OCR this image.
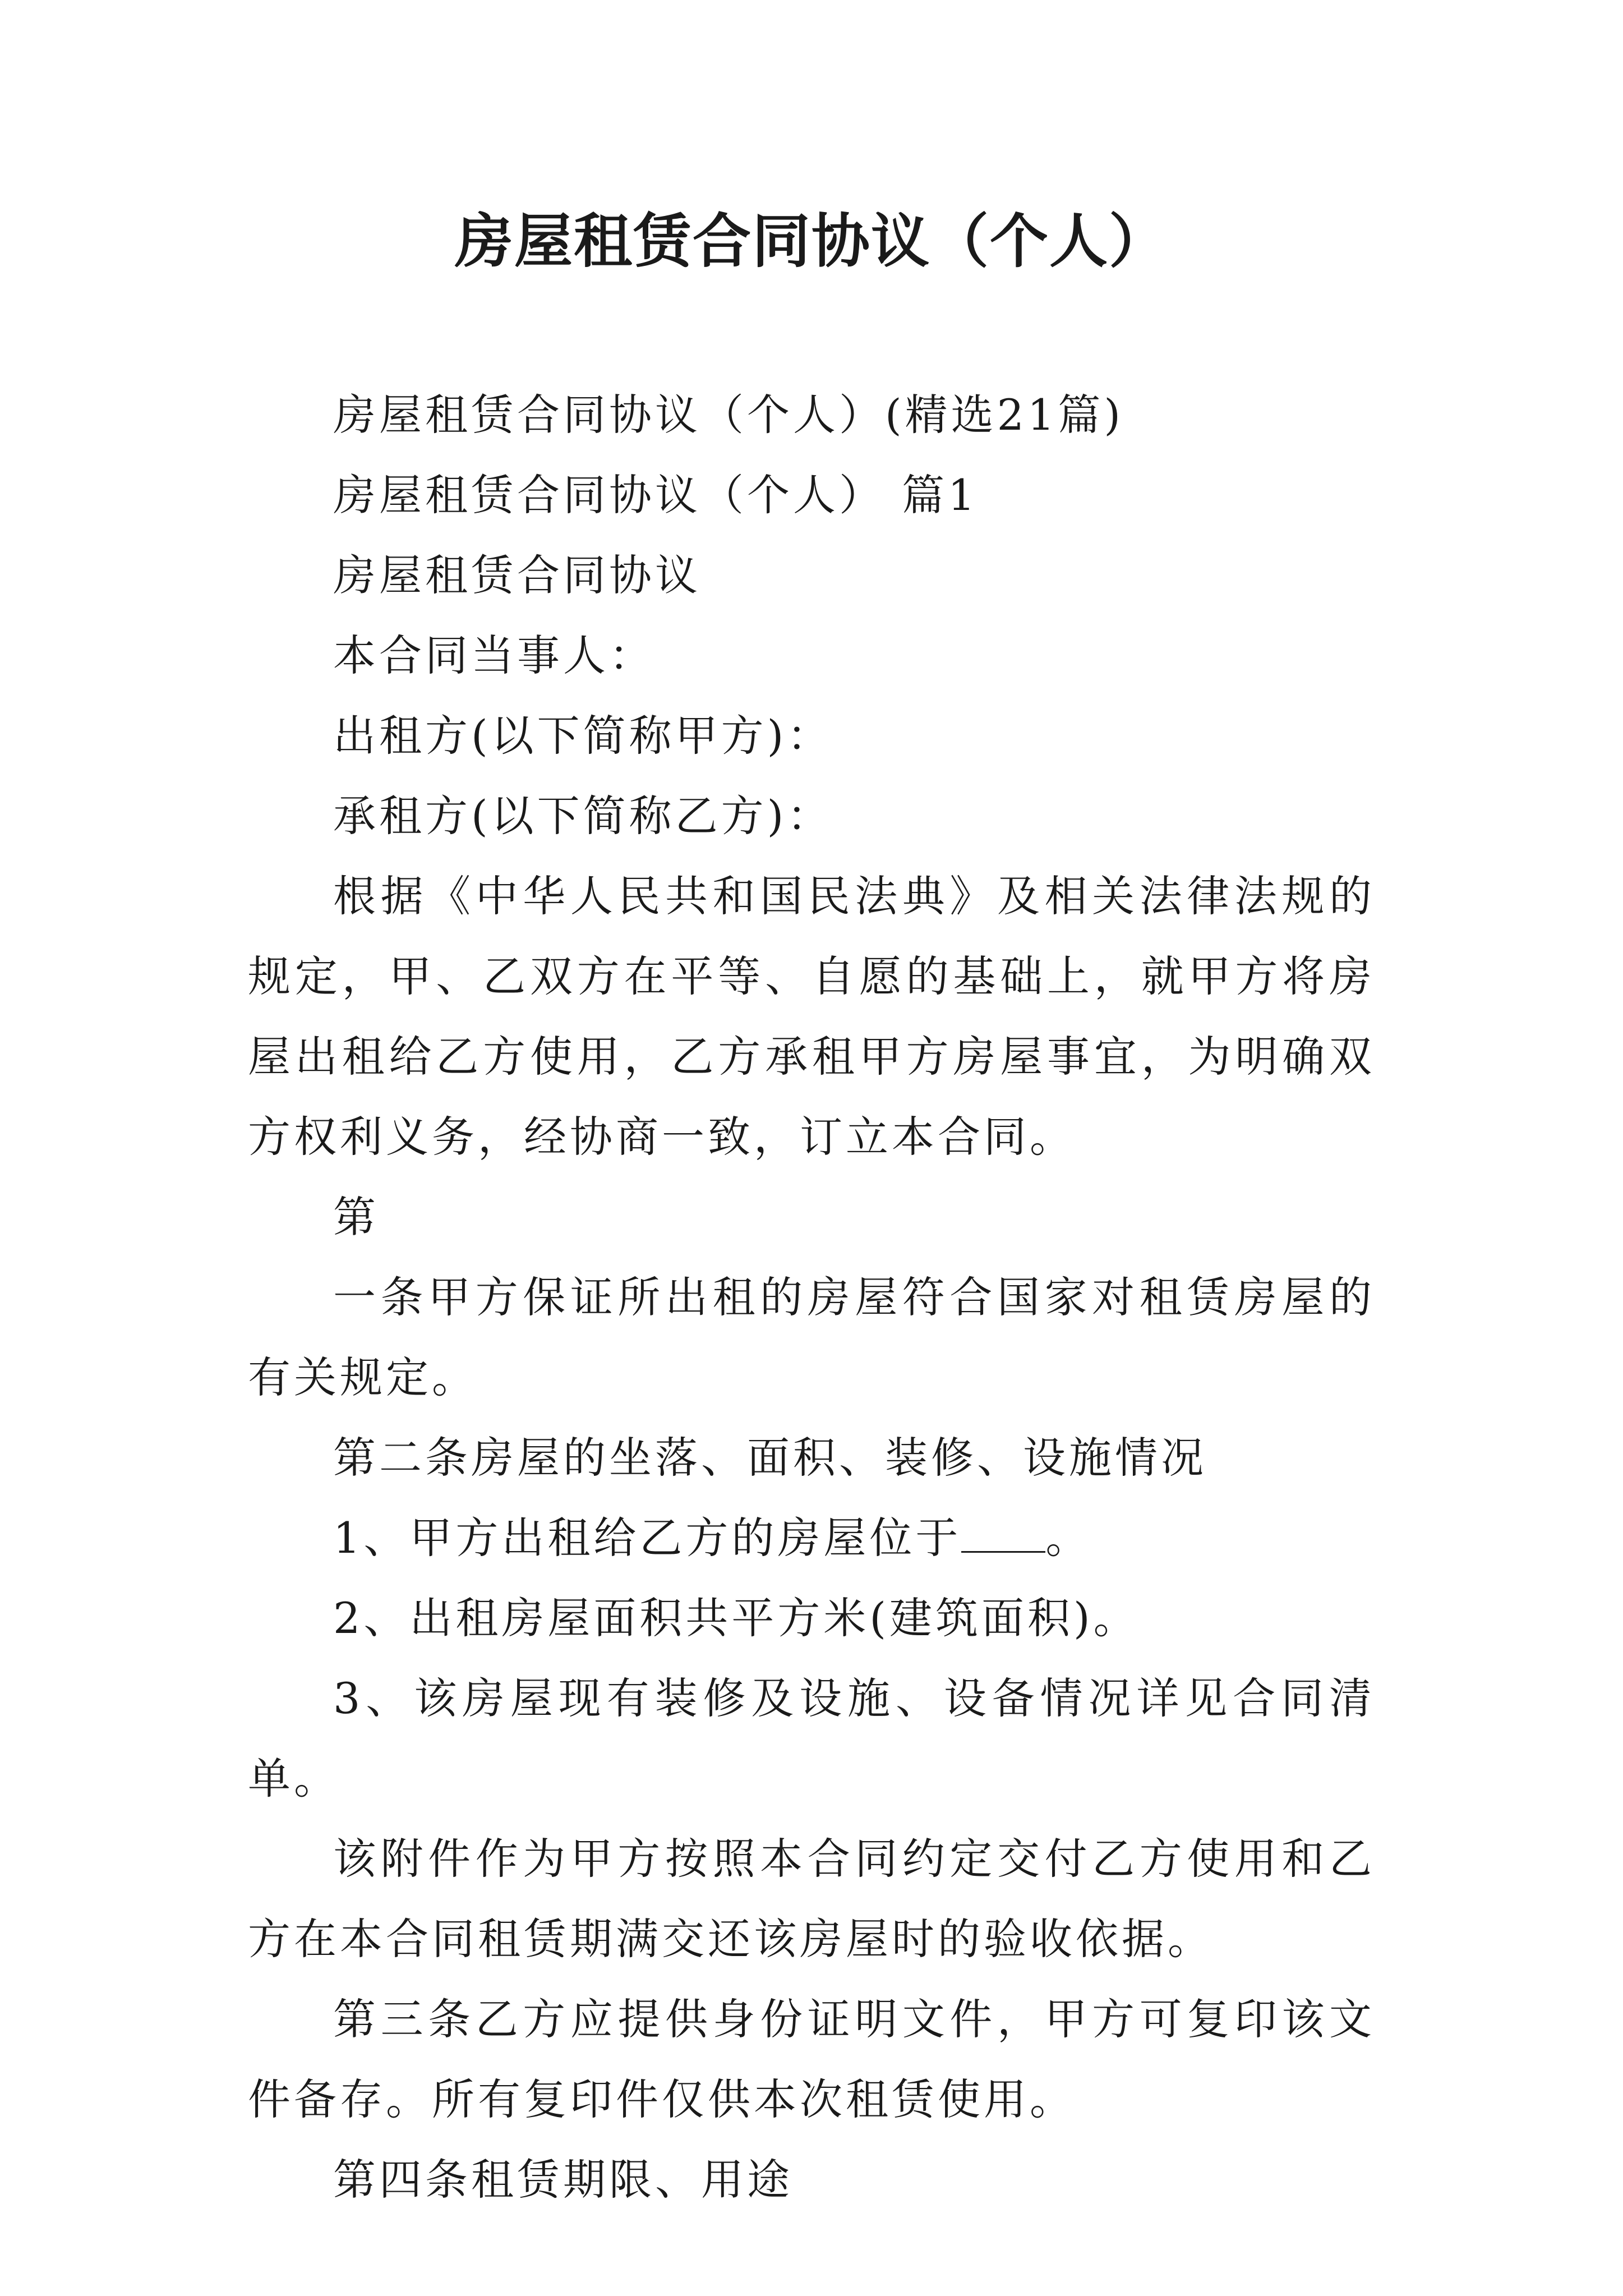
房屋租赁合同协议（个人）

房屋租赁合同协议（个人）(精选21篇)

房屋租赁合同协议（个人） 篇1

房屋租赁合同协议

本合同当事人：

出租方(以下简称甲方)：

承租方(以下简称乙方)：

根据《中华人民共和国民法典》及相关法律法规的规定，甲、乙双方在平等、自愿的基础上，就甲方将房屋出租给乙方使用，乙方承租甲方房屋事宜，为明确双方权利义务，经协商一致，订立本合同。

第

一条甲方保证所出租的房屋符合国家对租赁房屋的有关规定。

第二条房屋的坐落、面积、装修、设施情况

1、甲方出租给乙方的房屋位于 。

2、出租房屋面积共平方米(建筑面积)。

3、该房屋现有装修及设施、设备情况详见合同清单。

该附件作为甲方按照本合同约定交付乙方使用和乙方在本合同租赁期满交还该房屋时的验收依据。

第三条乙方应提供身份证明文件，甲方可复印该文件备存。所有复印件仅供本次租赁使用。

第四条租赁期限、用途
